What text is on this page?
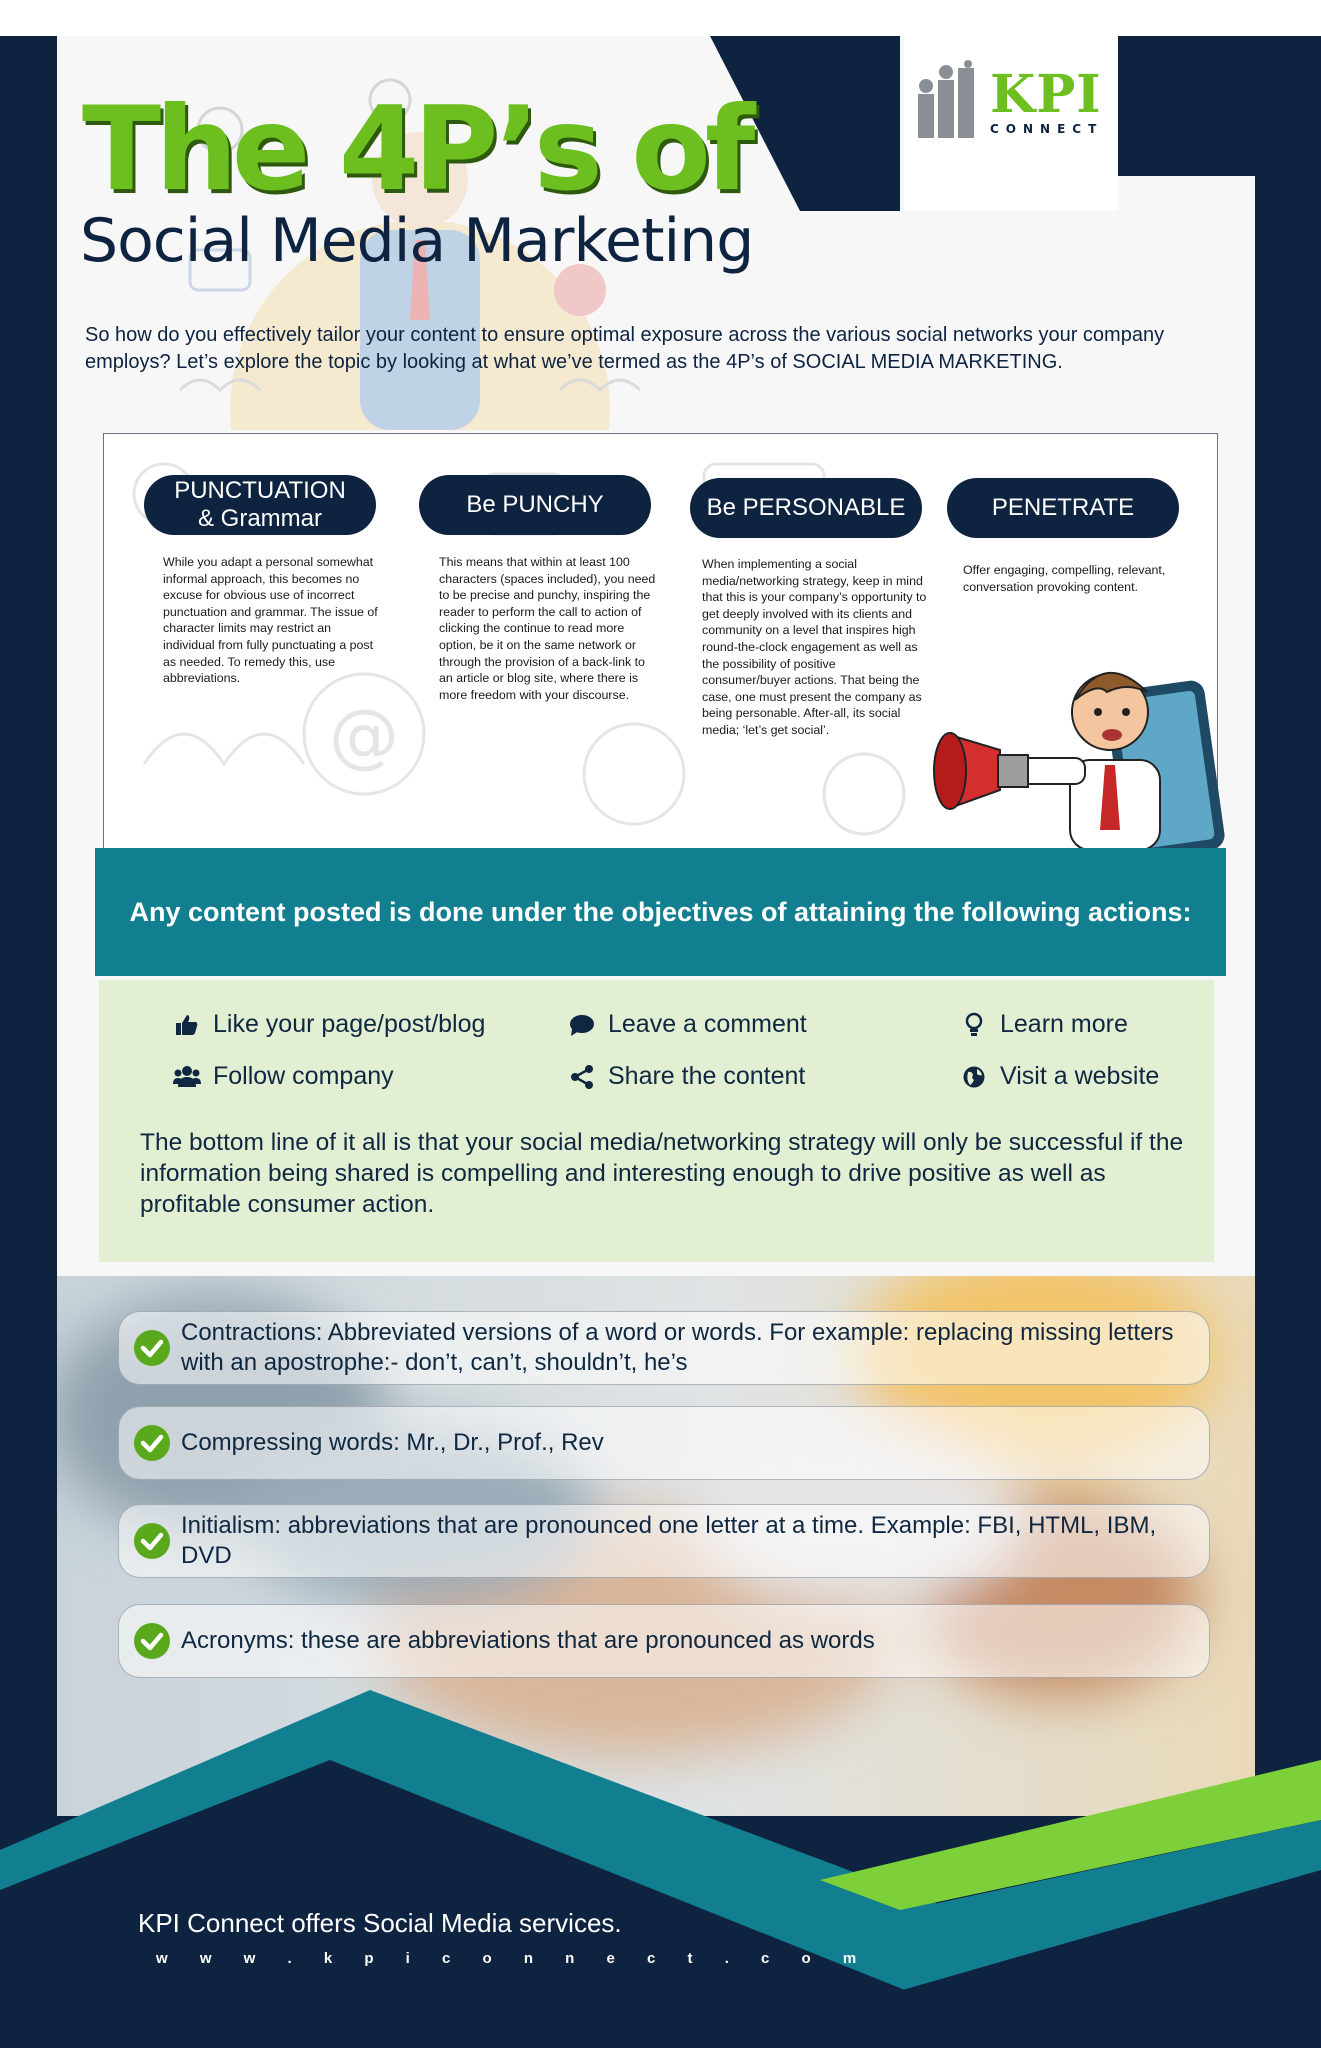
KPI
CONNECT
The 4P’s of
Social Media Marketing
So how do you effectively tailor your content to ensure optimal exposure across the various social networks your company employs? Let’s explore the topic by looking at what we’ve termed as the 4P’s of SOCIAL MEDIA MARKETING.
@
PUNCTUATION
& Grammar
Be PUNCHY	Be PERSONABLE	PENETRATE
While you adapt a personal somewhat informal approach, this becomes no excuse for obvious use of incorrect punctuation and grammar. The issue of character limits may restrict an individual from fully punctuating a post as needed. To remedy this, use abbreviations.
This means that within at least 100 characters (spaces included), you need to be precise and punchy, inspiring the reader to perform the call to action of clicking the continue to read more option, be it on the same network or through the provision of a back-link to an article or blog site, where there is more freedom with your discourse.
When implementing a social media/networking strategy, keep in mind that this is your company’s opportunity to get deeply involved with its clients and community on a level that inspires high round-the-clock engagement as well as the possibility of positive consumer/buyer actions. That being the case, one must present the company as being personable. After-all, its social media; ‘let’s get social’.
Offer engaging, compelling, relevant, conversation provoking content.
Any content posted is done under the objectives of attaining the following actions:
Like your page/post/blog	Leave a comment	Learn more
Follow company	Share the content	Visit a website
The bottom line of it all is that your social media/networking strategy will only be successful if the information being shared is compelling and interesting enough to drive positive as well as profitable consumer action.
Contractions: Abbreviated versions of a word or words. For example: replacing missing letters with an apostrophe:- don’t, can’t, shouldn’t, he’s
Compressing words: Mr., Dr., Prof., Rev
Initialism: abbreviations that are pronounced one letter at a time. Example: FBI, HTML, IBM, DVD
Acronyms: these are abbreviations that are pronounced as words
KPI Connect offers Social Media services.
w w w . k p i c o n n e c t . c o m
